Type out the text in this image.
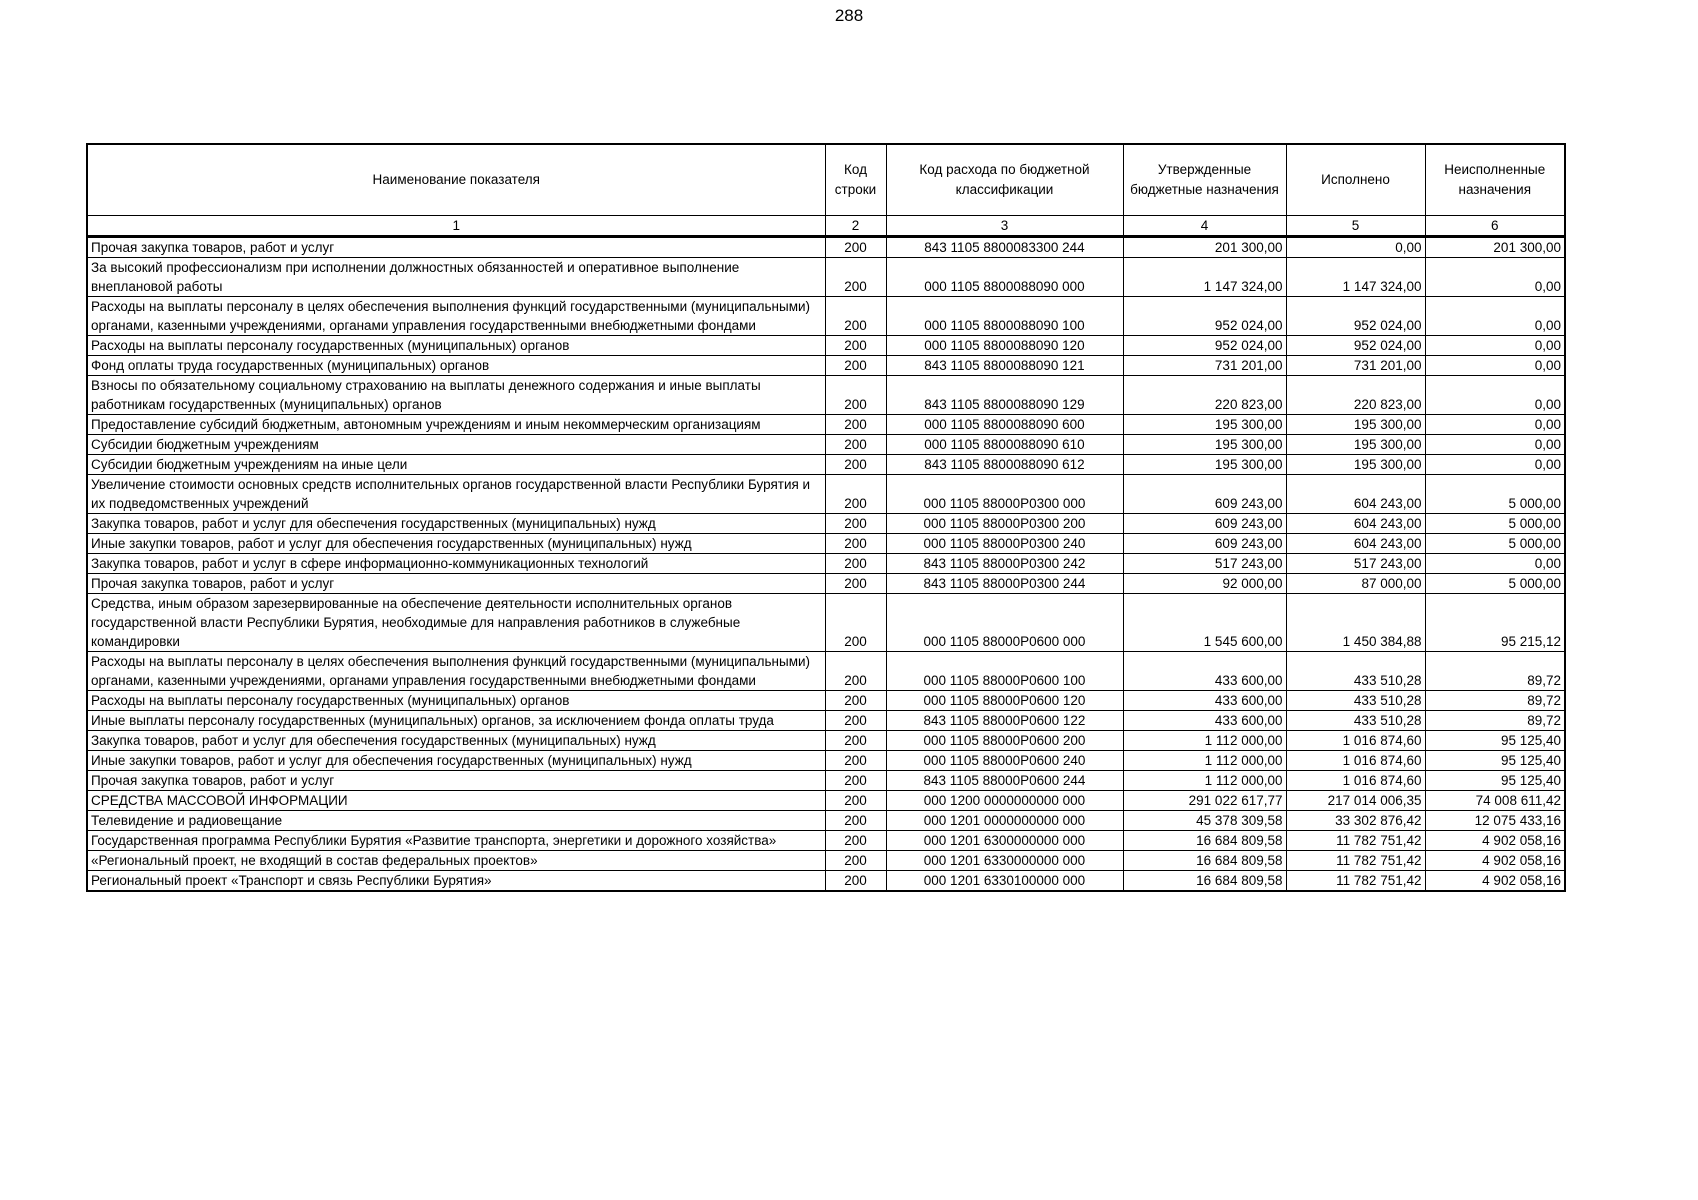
288
Наименование показателя	Код строки	Код расхода по бюджетной классификации	Утвержденные бюджетные назначения	Исполнено	Неисполненные назначения
1	2	3	4	5	6
Прочая закупка товаров, работ и услуг	200	843 1105 8800083300 244	201 300,00	0,00	201 300,00
За высокий профессионализм при исполнении должностных обязанностей и оперативное выполнение внеплановой работы	200	000 1105 8800088090 000	1 147 324,00	1 147 324,00	0,00
Расходы на выплаты персоналу в целях обеспечения выполнения функций государственными (муниципальными) органами, казенными учреждениями, органами управления государственными внебюджетными фондами	200	000 1105 8800088090 100	952 024,00	952 024,00	0,00
Расходы на выплаты персоналу государственных (муниципальных) органов	200	000 1105 8800088090 120	952 024,00	952 024,00	0,00
Фонд оплаты труда государственных (муниципальных) органов	200	843 1105 8800088090 121	731 201,00	731 201,00	0,00
Взносы по обязательному социальному страхованию на выплаты денежного содержания и иные выплаты работникам государственных (муниципальных) органов	200	843 1105 8800088090 129	220 823,00	220 823,00	0,00
Предоставление субсидий бюджетным, автономным учреждениям и иным некоммерческим организациям	200	000 1105 8800088090 600	195 300,00	195 300,00	0,00
Субсидии бюджетным учреждениям	200	000 1105 8800088090 610	195 300,00	195 300,00	0,00
Субсидии бюджетным учреждениям на иные цели	200	843 1105 8800088090 612	195 300,00	195 300,00	0,00
Увеличение стоимости основных средств исполнительных органов государственной власти Республики Бурятия и их подведомственных учреждений	200	000 1105 88000P0300 000	609 243,00	604 243,00	5 000,00
Закупка товаров, работ и услуг для обеспечения государственных (муниципальных) нужд	200	000 1105 88000P0300 200	609 243,00	604 243,00	5 000,00
Иные закупки товаров, работ и услуг для обеспечения государственных (муниципальных) нужд	200	000 1105 88000P0300 240	609 243,00	604 243,00	5 000,00
Закупка товаров, работ и услуг в сфере информационно-коммуникационных технологий	200	843 1105 88000P0300 242	517 243,00	517 243,00	0,00
Прочая закупка товаров, работ и услуг	200	843 1105 88000P0300 244	92 000,00	87 000,00	5 000,00
Средства, иным образом зарезервированные на обеспечение деятельности исполнительных органов государственной власти Республики Бурятия, необходимые для направления работников в служебные командировки	200	000 1105 88000P0600 000	1 545 600,00	1 450 384,88	95 215,12
Расходы на выплаты персоналу в целях обеспечения выполнения функций государственными (муниципальными) органами, казенными учреждениями, органами управления государственными внебюджетными фондами	200	000 1105 88000P0600 100	433 600,00	433 510,28	89,72
Расходы на выплаты персоналу государственных (муниципальных) органов	200	000 1105 88000P0600 120	433 600,00	433 510,28	89,72
Иные выплаты персоналу государственных (муниципальных) органов, за исключением фонда оплаты труда	200	843 1105 88000P0600 122	433 600,00	433 510,28	89,72
Закупка товаров, работ и услуг для обеспечения государственных (муниципальных) нужд	200	000 1105 88000P0600 200	1 112 000,00	1 016 874,60	95 125,40
Иные закупки товаров, работ и услуг для обеспечения государственных (муниципальных) нужд	200	000 1105 88000P0600 240	1 112 000,00	1 016 874,60	95 125,40
Прочая закупка товаров, работ и услуг	200	843 1105 88000P0600 244	1 112 000,00	1 016 874,60	95 125,40
СРЕДСТВА МАССОВОЙ ИНФОРМАЦИИ	200	000 1200 0000000000 000	291 022 617,77	217 014 006,35	74 008 611,42
Телевидение и радиовещание	200	000 1201 0000000000 000	45 378 309,58	33 302 876,42	12 075 433,16
Государственная программа Республики Бурятия «Развитие транспорта, энергетики и дорожного хозяйства»	200	000 1201 6300000000 000	16 684 809,58	11 782 751,42	4 902 058,16
«Региональный проект, не входящий в состав федеральных проектов»	200	000 1201 6330000000 000	16 684 809,58	11 782 751,42	4 902 058,16
Региональный проект «Транспорт и связь Республики Бурятия»	200	000 1201 6330100000 000	16 684 809,58	11 782 751,42	4 902 058,16
